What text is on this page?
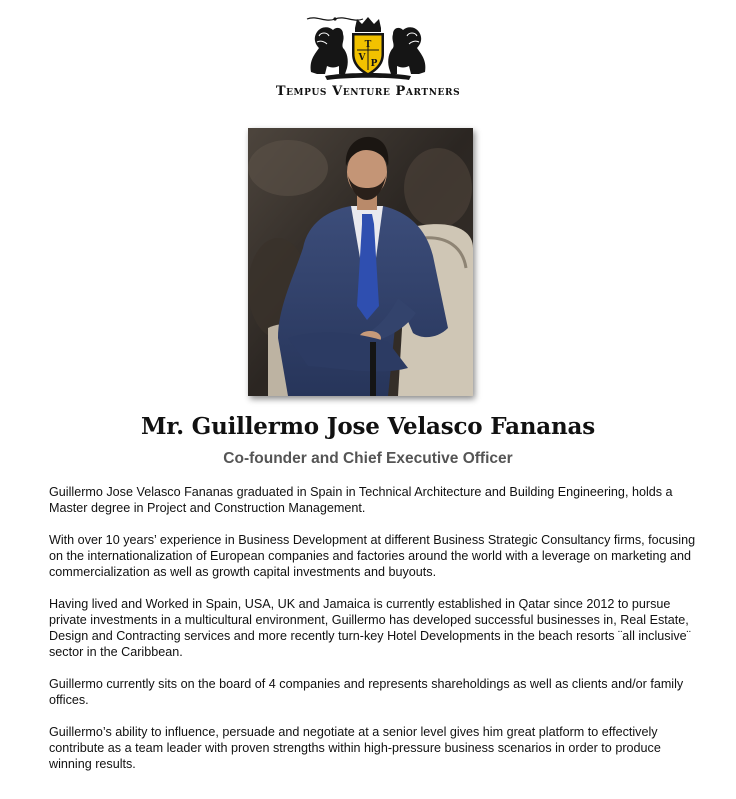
T
V
P
Tempus Venture Partners
Mr. Guillermo Jose Velasco Fananas
Co-founder and Chief Executive Officer

Guillermo Jose Velasco Fananas graduated in Spain in Technical Architecture and Building Engineering, holds a Master degree in Project and Construction Management.

With over 10 years’ experience in Business Development at different Business Strategic Consultancy firms, focusing on the internationalization of European companies and factories around the world with a leverage on marketing and commercialization as well as growth capital investments and buyouts.

Having lived and Worked in Spain, USA, UK and Jamaica is currently established in Qatar since 2012 to pursue private investments in a multicultural environment, Guillermo has developed successful businesses in, Real Estate, Design and Contracting services and more recently turn-key Hotel Developments in the beach resorts ¨all inclusive¨ sector in the Caribbean.

Guillermo currently sits on the board of 4 companies and represents shareholdings as well as clients and/or family offices.

Guillermo’s ability to influence, persuade and negotiate at a senior level gives him great platform to effectively contribute as a team leader with proven strengths within high-pressure business scenarios in order to produce winning results.
